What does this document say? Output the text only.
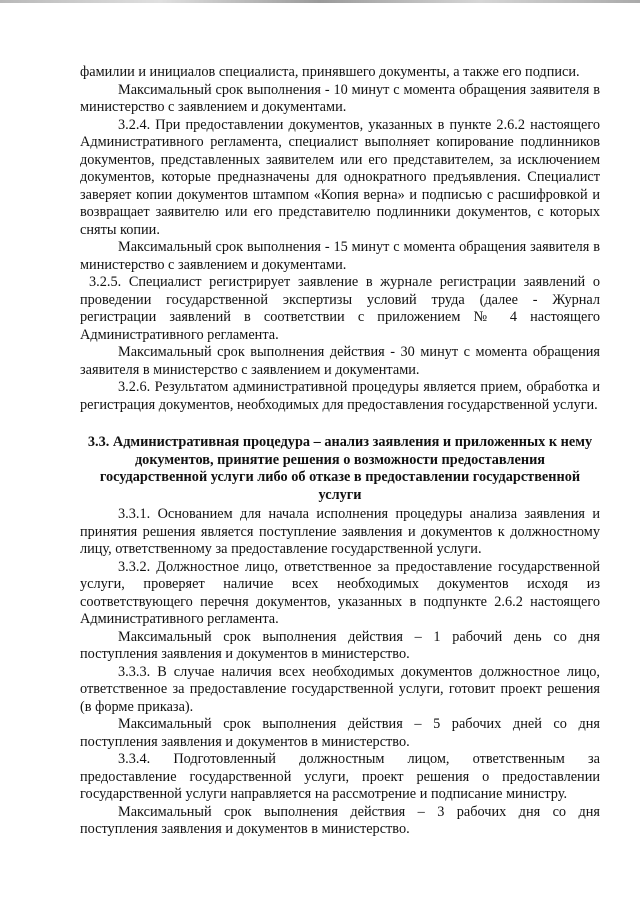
фамилии и инициалов специалиста, принявшего документы, а также его подписи.

Максимальный срок выполнения - 10 минут с момента обращения заявителя в министерство с заявлением и документами.

3.2.4. При предоставлении документов, указанных в пункте 2.6.2 настоящего Административного регламента, специалист выполняет копирование подлинников документов, представленных заявителем или его представителем, за исключением документов, которые предназначены для однократного предъявления. Специалист заверяет копии документов штампом «Копия верна» и подписью с расшифровкой и возвращает заявителю или его представителю подлинники документов, с которых сняты копии.

Максимальный срок выполнения - 15 минут с момента обращения заявителя в министерство с заявлением и документами.

3.2.5. Специалист регистрирует заявление в журнале регистрации заявлений о проведении государственной экспертизы условий труда (далее - Журнал регистрации заявлений в соответствии с приложением № 4 настоящего Административного регламента.

Максимальный срок выполнения действия - 30 минут с момента обращения заявителя в министерство с заявлением и документами.

3.2.6. Результатом административной процедуры является прием, обработка и регистрация документов, необходимых для предоставления государственной услуги.

3.3. Административная процедура – анализ заявления и приложенных к нему документов, принятие решения о возможности предоставления государственной услуги либо об отказе в предоставлении государственной услуги

3.3.1. Основанием для начала исполнения процедуры анализа заявления и принятия решения является поступление заявления и документов к должностному лицу, ответственному за предоставление государственной услуги.

3.3.2. Должностное лицо, ответственное за предоставление государственной услуги, проверяет наличие всех необходимых документов исходя из соответствующего перечня документов, указанных в подпункте 2.6.2 настоящего Административного регламента.

Максимальный срок выполнения действия – 1 рабочий день со дня поступления заявления и документов в министерство.

3.3.3. В случае наличия всех необходимых документов должностное лицо, ответственное за предоставление государственной услуги, готовит проект решения (в форме приказа).

Максимальный срок выполнения действия – 5 рабочих дней со дня поступления заявления и документов в министерство.

3.3.4. Подготовленный должностным лицом, ответственным за предоставление государственной услуги, проект решения о предоставлении государственной услуги направляется на рассмотрение и подписание министру.

Максимальный срок выполнения действия – 3 рабочих дня со дня поступления заявления и документов в министерство.
